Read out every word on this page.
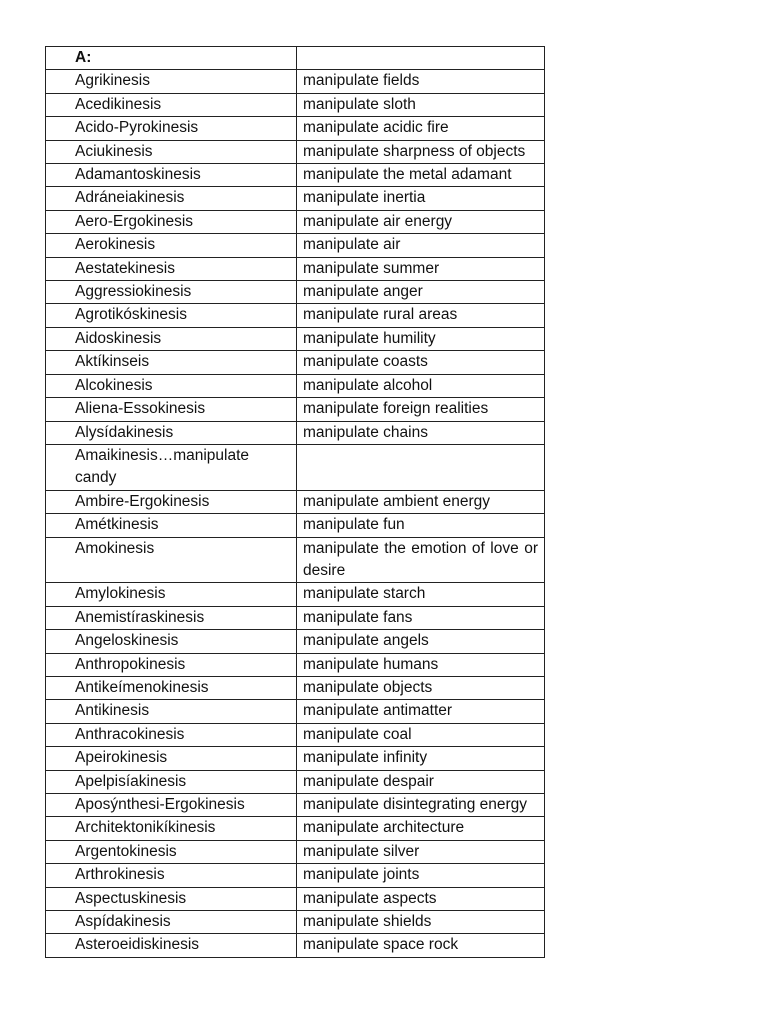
A:	
Agrikinesis	manipulate fields
Acedikinesis	manipulate sloth
Acido-Pyrokinesis	manipulate acidic fire
Aciukinesis	manipulate sharpness of objects
Adamantoskinesis	manipulate the metal adamant
Adráneiakinesis	manipulate inertia
Aero-Ergokinesis	manipulate air energy
Aerokinesis	manipulate air
Aestatekinesis	manipulate summer
Aggressiokinesis	manipulate anger
Agrotikóskinesis	manipulate rural areas
Aidoskinesis	manipulate humility
Aktíkinseis	manipulate coasts
Alcokinesis	manipulate alcohol
Aliena-Essokinesis	manipulate foreign realities
Alysídakinesis	manipulate chains
Amaikinesis…manipulate candy	
Ambire-Ergokinesis	manipulate ambient energy
Amétkinesis	manipulate fun
Amokinesis	manipulate the emotion of love or desire
Amylokinesis	manipulate starch
Anemistíraskinesis	manipulate fans
Angeloskinesis	manipulate angels
Anthropokinesis	manipulate humans
Antikeímenokinesis	manipulate objects
Antikinesis	manipulate antimatter
Anthracokinesis	manipulate coal
Apeirokinesis	manipulate infinity
Apelpisíakinesis	manipulate despair
Aposýnthesi-Ergokinesis	manipulate disintegrating energy
Architektonikíkinesis	manipulate architecture
Argentokinesis	manipulate silver
Arthrokinesis	manipulate joints
Aspectuskinesis	manipulate aspects
Aspídakinesis	manipulate shields
Asteroeidiskinesis	manipulate space rock
